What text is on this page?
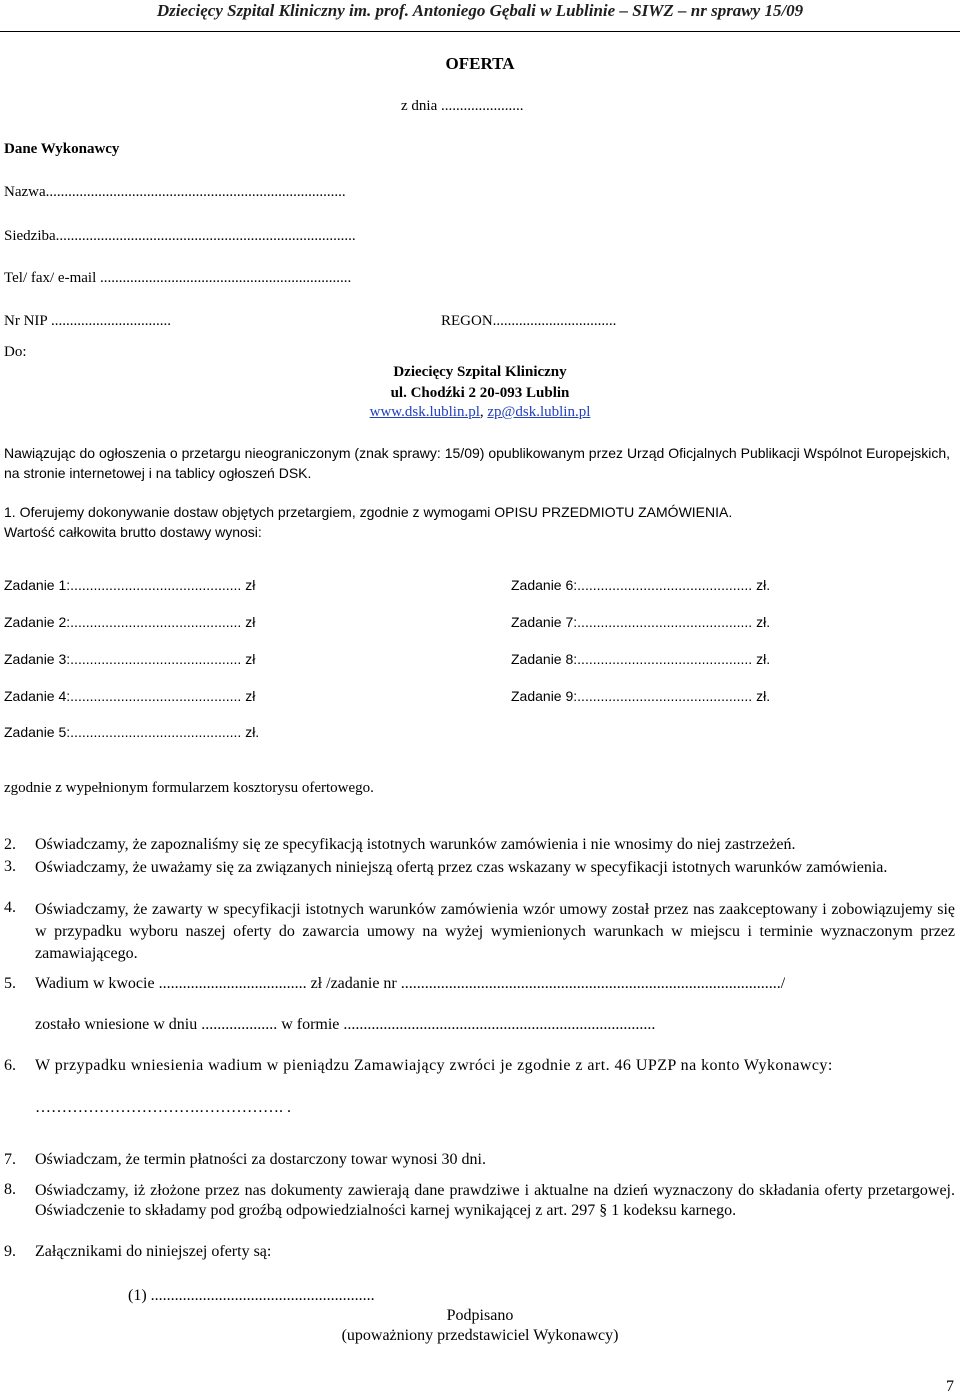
Dziecięcy Szpital Kliniczny im. prof. Antoniego Gębali w Lublinie – SIWZ – nr sprawy 15/09
OFERTA
z dnia ......................
Dane Wykonawcy
Nazwa................................................................................
Siedziba................................................................................
Tel/ fax/ e-mail ...................................................................
Nr NIP ................................	REGON.................................
Do:
Dziecięcy Szpital Kliniczny
ul. Chodźki 2 20-093 Lublin
www.dsk.lublin.pl, zp@dsk.lublin.pl
Nawiązując do ogłoszenia o przetargu nieograniczonym (znak sprawy: 15/09) opublikowanym przez Urząd Oficjalnych Publikacji Wspólnot Europejskich, na stronie internetowej i na tablicy ogłoszeń DSK.
1. Oferujemy dokonywanie dostaw objętych przetargiem, zgodnie z wymogami OPISU PRZEDMIOTU ZAMÓWIENIA.
Wartość całkowita brutto dostawy wynosi:
Zadanie 1:............................................ zł
Zadanie 2:............................................ zł
Zadanie 3:............................................ zł
Zadanie 4:............................................ zł
Zadanie 5:............................................ zł.
Zadanie 6:............................................. zł.
Zadanie 7:............................................. zł.
Zadanie 8:............................................. zł.
Zadanie 9:............................................. zł.
zgodnie z wypełnionym formularzem kosztorysu ofertowego.
2. Oświadczamy, że zapoznaliśmy się ze specyfikacją istotnych warunków zamówienia i nie wnosimy do niej zastrzeżeń.
3. Oświadczamy, że uważamy się za związanych niniejszą ofertą przez czas wskazany w specyfikacji istotnych warunków zamówienia.
4. Oświadczamy, że zawarty w specyfikacji istotnych warunków zamówienia wzór umowy został przez nas zaakceptowany i zobowiązujemy się w przypadku wyboru naszej oferty do zawarcia umowy na wyżej wymienionych warunkach w miejscu i terminie wyznaczonym przez zamawiającego.
5. Wadium w kwocie ..................................... zł /zadanie nr .............................................................................................../
zostało wniesione w dniu ................... w formie ..............................................................................
6. W przypadku wniesienia wadium w pieniądzu Zamawiający zwróci je zgodnie z art. 46 UPZP na konto Wykonawcy:
………………………….……………. .
7. Oświadczam, że termin płatności za dostarczony towar wynosi 30 dni.
8. Oświadczamy, iż złożone przez nas dokumenty zawierają dane prawdziwe i aktualne na dzień wyznaczony do składania oferty przetargowej. Oświadczenie to składamy pod groźbą odpowiedzialności karnej wynikającej z art. 297 § 1 kodeksu karnego.
9. Załącznikami do niniejszej oferty są:
(1) ........................................................
Podpisano
(upoważniony przedstawiciel Wykonawcy)
7
